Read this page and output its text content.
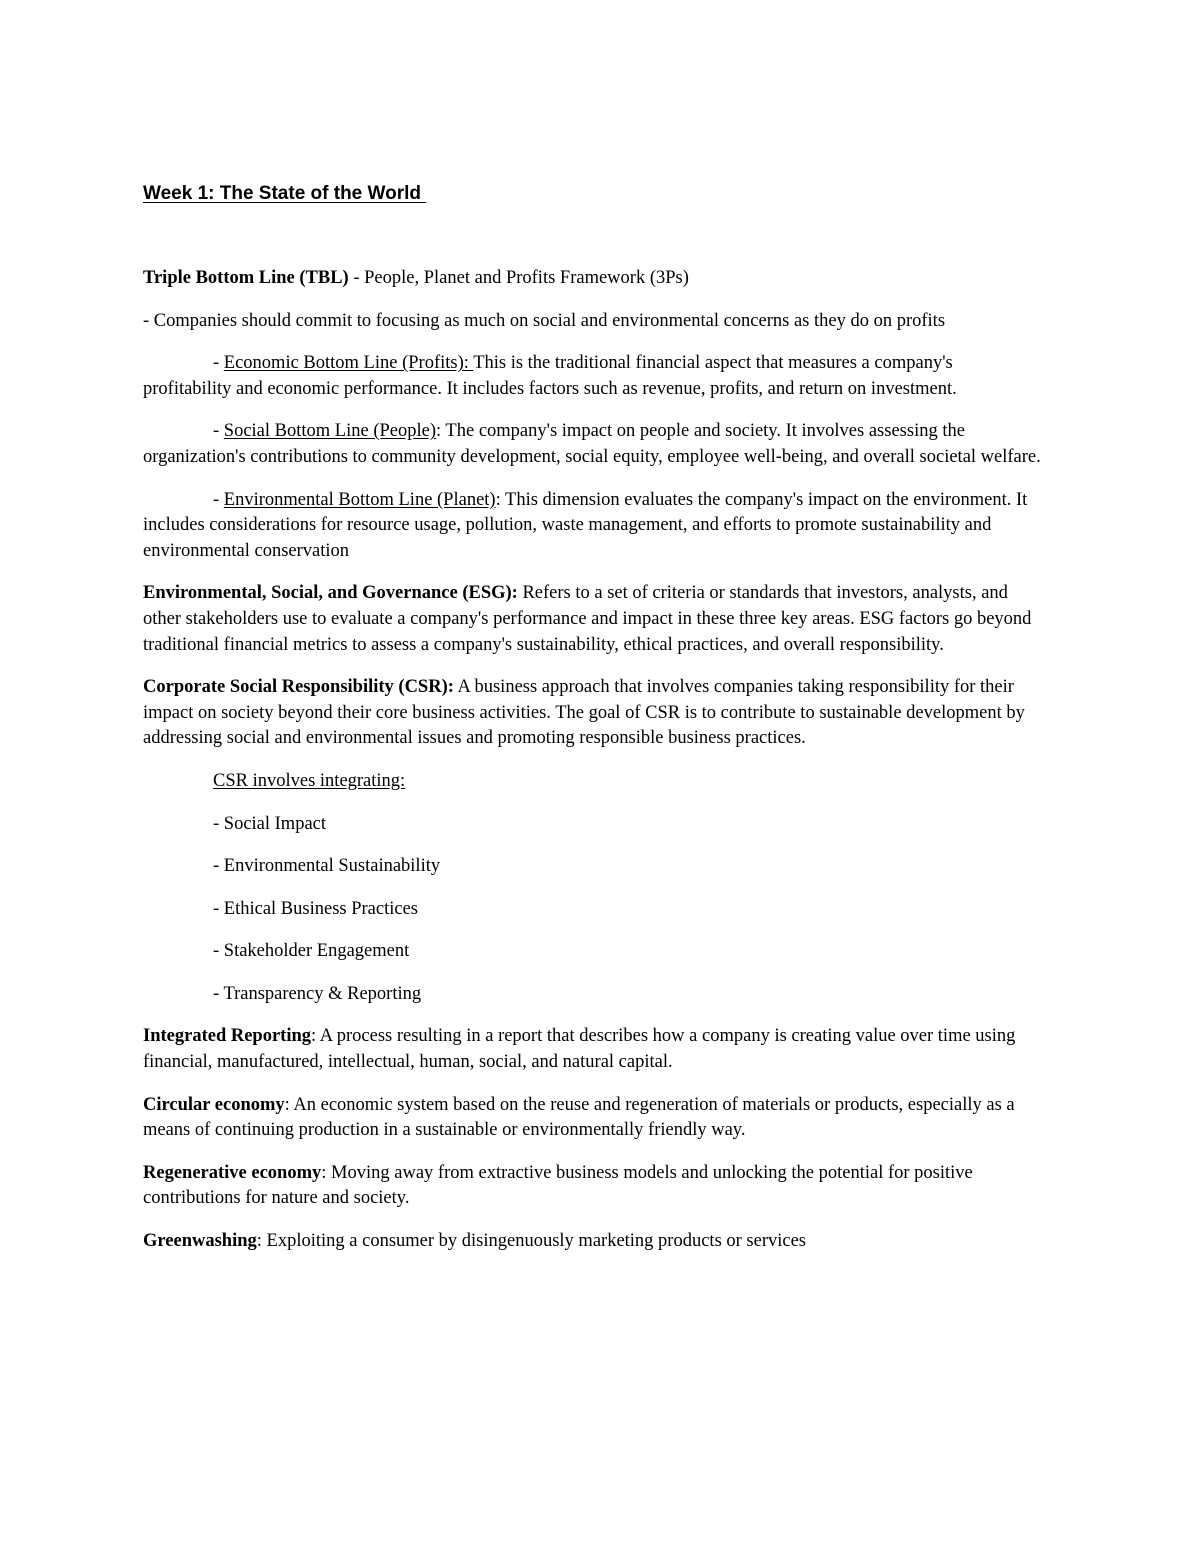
Week 1: The State of the World

Triple Bottom Line (TBL) - People, Planet and Profits Framework (3Ps)

- Companies should commit to focusing as much on social and environmental concerns as they do on profits

- Economic Bottom Line (Profits): This is the traditional financial aspect that measures a company's profitability and economic performance. It includes factors such as revenue, profits, and return on investment.

- Social Bottom Line (People): The company's impact on people and society. It involves assessing the organization's contributions to community development, social equity, employee well-being, and overall societal welfare.

- Environmental Bottom Line (Planet): This dimension evaluates the company's impact on the environment. It includes considerations for resource usage, pollution, waste management, and efforts to promote sustainability and environmental conservation

Environmental, Social, and Governance (ESG): Refers to a set of criteria or standards that investors, analysts, and other stakeholders use to evaluate a company's performance and impact in these three key areas. ESG factors go beyond traditional financial metrics to assess a company's sustainability, ethical practices, and overall responsibility.

Corporate Social Responsibility (CSR): A business approach that involves companies taking responsibility for their impact on society beyond their core business activities. The goal of CSR is to contribute to sustainable development by addressing social and environmental issues and promoting responsible business practices.

CSR involves integrating:

- Social Impact

- Environmental Sustainability

- Ethical Business Practices

- Stakeholder Engagement

- Transparency & Reporting

Integrated Reporting: A process resulting in a report that describes how a company is creating value over time using financial, manufactured, intellectual, human, social, and natural capital.

Circular economy: An economic system based on the reuse and regeneration of materials or products, especially as a means of continuing production in a sustainable or environmentally friendly way.

Regenerative economy: Moving away from extractive business models and unlocking the potential for positive contributions for nature and society.

Greenwashing: Exploiting a consumer by disingenuously marketing products or services
